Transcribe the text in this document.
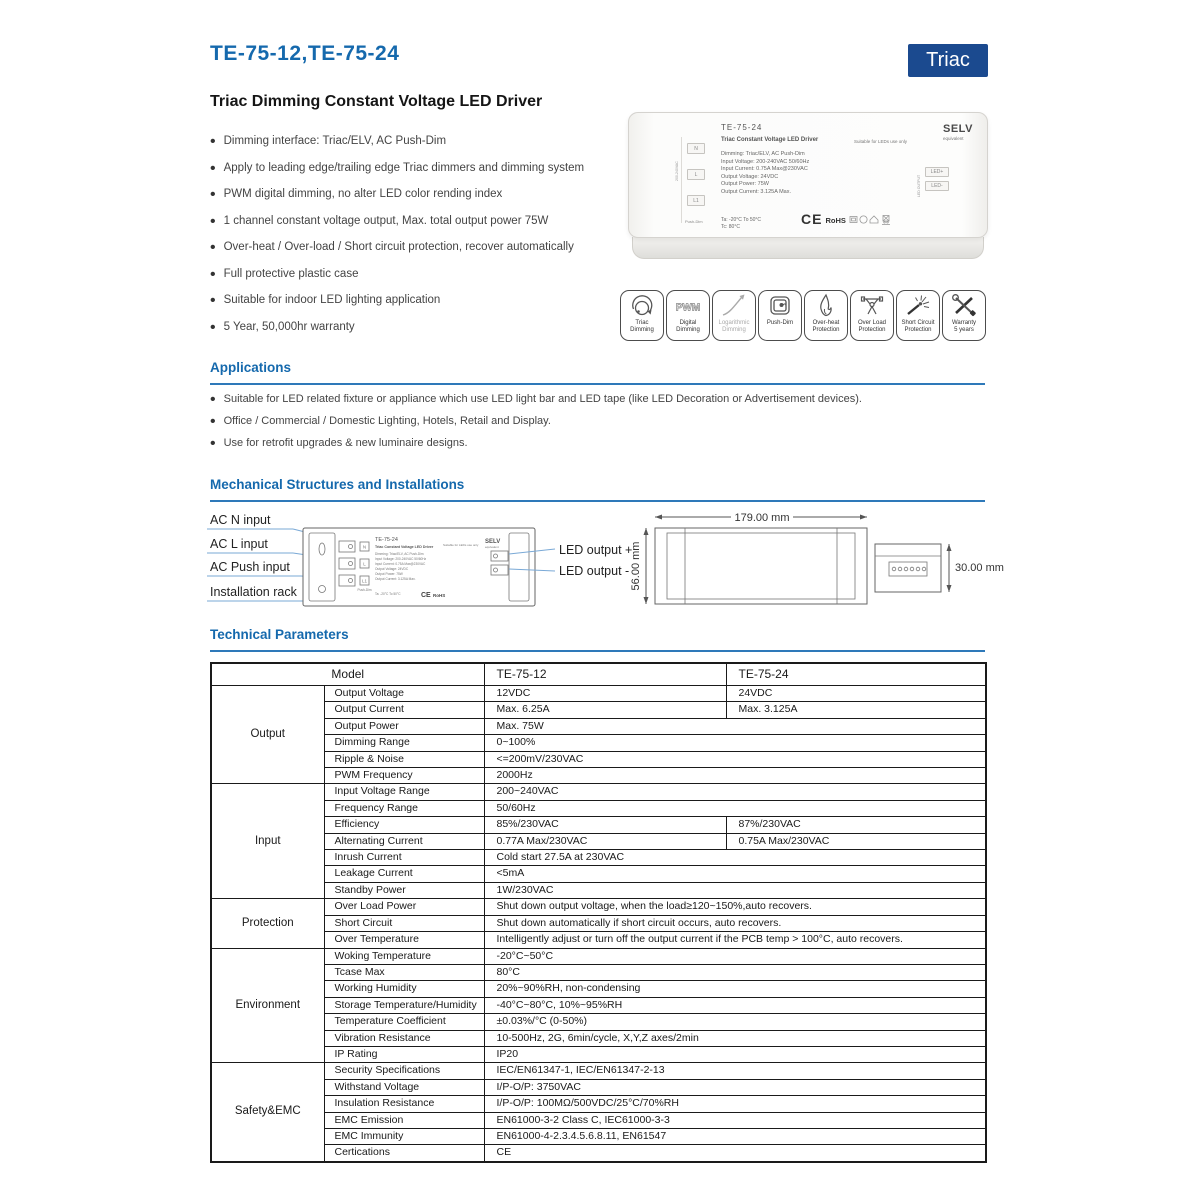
TE-75-12,TE-75-24	Triac
Triac Dimming Constant Voltage LED Driver
• Dimming interface: Triac/ELV, AC Push-Dim
• Apply to leading edge/trailing edge Triac dimmers and dimming system
• PWM digital dimming, no alter LED color rending index
• 1 channel constant voltage output, Max. total output power 75W
• Over-heat / Over-load / Short circuit protection, recover automatically
• Full protective plastic case
• Suitable for indoor LED lighting application
• 5 Year, 50,000hr warranty
TE-75-24
Triac Constant Voltage LED Driver	Suitable for LEDs use only
SELV
equivalent
Dimming: Triac/ELV, AC Push-Dim
Input Voltage: 200-240VAC 50/60Hz
Input Current: 0.75A Max@230VAC
Output Voltage: 24VDC
Output Power: 75W
Output Current: 3.125A Max.
Ta: -20°C To 50°C
Tc: 80°C	CE RoHS
N
L
L1
Push-Dim
200-240VAC	LED+
LED-
LED OUTPUT
Triac
Dimming
PWM
Digital
Dimming
Logarithmic
Dimming
Push-Dim	Over-heat
Protection
Over Load
Protection
Short Circuit
Protection
Warranty
5 years
Applications
• Suitable for LED related fixture or appliance which use LED light bar and LED tape (like LED Decoration or Advertisement devices).
• Office / Commercial / Domestic Lighting, Hotels, Retail and Display.
• Use for retrofit upgrades & new luminaire designs.
Mechanical Structures and Installations
AC N input
AC L input
AC Push input
Installation rack
N
L
L1
Push-Dim
TE-75-24
Triac Constant Voltage LED Driver
Dimming: Triac/ELV, AC Push-Dim
Input Voltage: 200-240VAC 50/60Hz
Input Current: 0.75A Max@230VAC
Output Voltage: 24VDC
Output Power: 75W
Output Current: 3.125A Max.
Suitable for LEDs use only SELV
equivalent
Ta: -20°C To 50°C	CE RoHS
LED output +
LED output -
179.00 mm
56.00 mm	30.00 mm
Technical Parameters
Model		TE-75-12	TE-75-24
Output	Output Voltage	12VDC	24VDC
	Output Current	Max. 6.25A	Max. 3.125A
	Output Power	Max. 75W	
	Dimming Range	0~100%	
	Ripple & Noise	<=200mV/230VAC	
	PWM Frequency	2000Hz	
Input	Input Voltage Range	200~240VAC	
	Frequency Range	50/60Hz	
	Efficiency	85%/230VAC	87%/230VAC
	Alternating Current	0.77A Max/230VAC	0.75A Max/230VAC
	Inrush Current	Cold start 27.5A at 230VAC	
	Leakage Current	<5mA	
	Standby Power	1W/230VAC	
Protection	Over Load Power	Shut down output voltage, when the load≥120~150%,auto recovers.	
	Short Circuit	Shut down automatically if short circuit occurs, auto recovers.	
	Over Temperature	Intelligently adjust or turn off the output current if the PCB temp > 100°C, auto recovers.	
Environment	Woking Temperature	-20°C~50°C	
	Tcase Max	80°C	
	Working Humidity	20%~90%RH, non-condensing	
	Storage Temperature/Humidity	-40°C~80°C, 10%~95%RH	
	Temperature Coefficient	±0.03%/°C (0-50%)	
	Vibration Resistance	10-500Hz, 2G, 6min/cycle, X,Y,Z axes/2min	
	IP Rating	IP20	
Safety&EMC	Security Specifications	IEC/EN61347-1, IEC/EN61347-2-13	
	Withstand Voltage	I/P-O/P: 3750VAC	
	Insulation Resistance	I/P-O/P: 100MΩ/500VDC/25°C/70%RH	
	EMC Emission	EN61000-3-2 Class C, IEC61000-3-3	
	EMC Immunity	EN61000-4-2.3.4.5.6.8.11, EN61547	
	Certications	CE	
